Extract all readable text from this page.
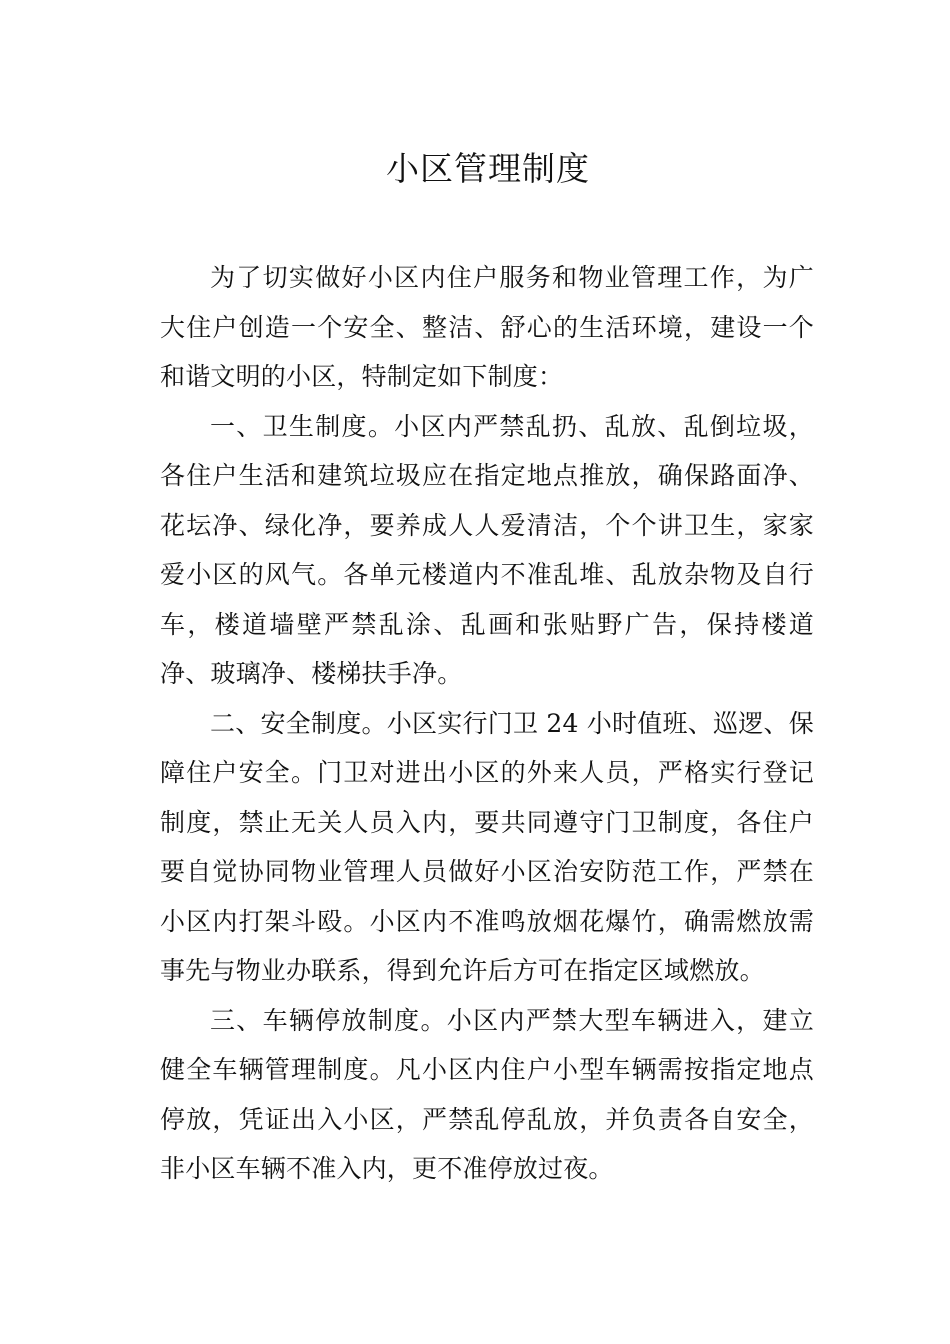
小区管理制度

为了切实做好小区内住户服务和物业管理工作，为广大住户创造一个安全、整洁、舒心的生活环境，建设一个和谐文明的小区，特制定如下制度：

一、卫生制度。小区内严禁乱扔、乱放、乱倒垃圾，各住户生活和建筑垃圾应在指定地点推放，确保路面净、花坛净、绿化净，要养成人人爱清洁，个个讲卫生，家家爱小区的风气。各单元楼道内不准乱堆、乱放杂物及自行车，楼道墙壁严禁乱涂、乱画和张贴野广告，保持楼道净、玻璃净、楼梯扶手净。

二、安全制度。小区实行门卫 24 小时值班、巡逻、保障住户安全。门卫对进出小区的外来人员，严格实行登记制度，禁止无关人员入内，要共同遵守门卫制度，各住户要自觉协同物业管理人员做好小区治安防范工作，严禁在小区内打架斗殴。小区内不准鸣放烟花爆竹，确需燃放需事先与物业办联系，得到允许后方可在指定区域燃放。

三、车辆停放制度。小区内严禁大型车辆进入，建立健全车辆管理制度。凡小区内住户小型车辆需按指定地点停放，凭证出入小区，严禁乱停乱放，并负责各自安全，非小区车辆不准入内，更不准停放过夜。
